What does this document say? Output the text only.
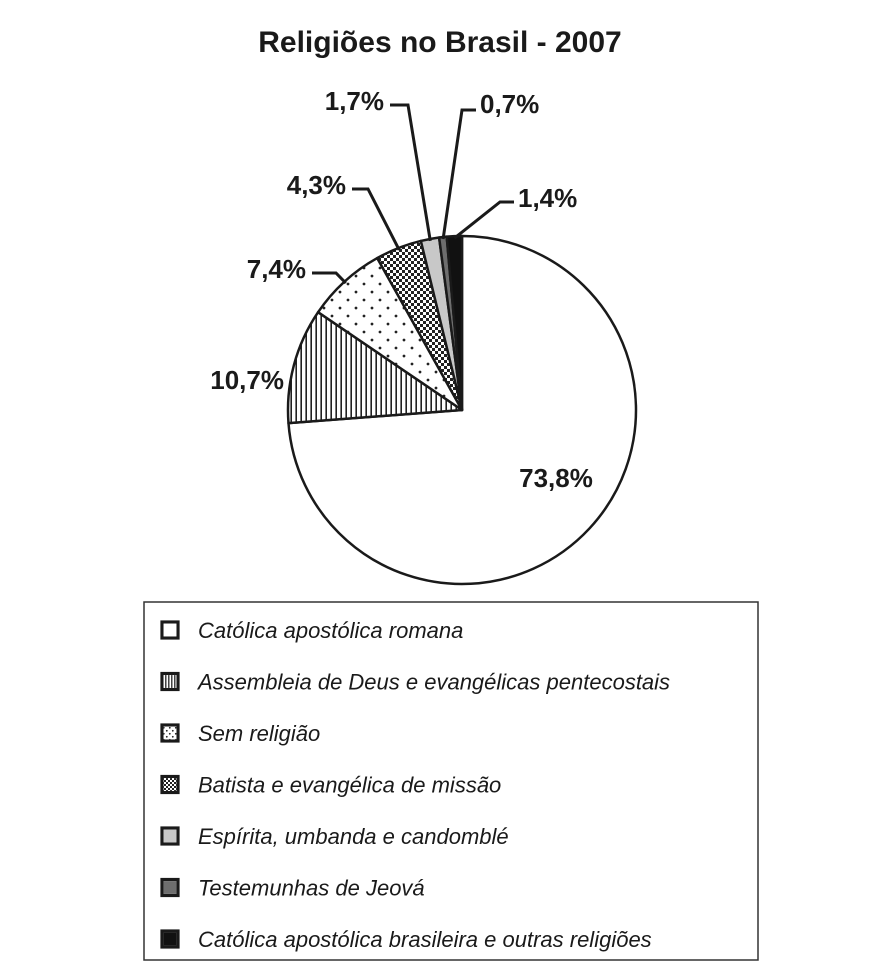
Religiões no Brasil - 2007
73,8%
10,7%
7,4%
4,3%
1,7%	0,7%
1,4%
Católica apostólica romana
Assembleia de Deus e evangélicas pentecostais
Sem religião
Batista e evangélica de missão
Espírita, umbanda e candomblé
Testemunhas de Jeová
Católica apostólica brasileira e outras religiões
